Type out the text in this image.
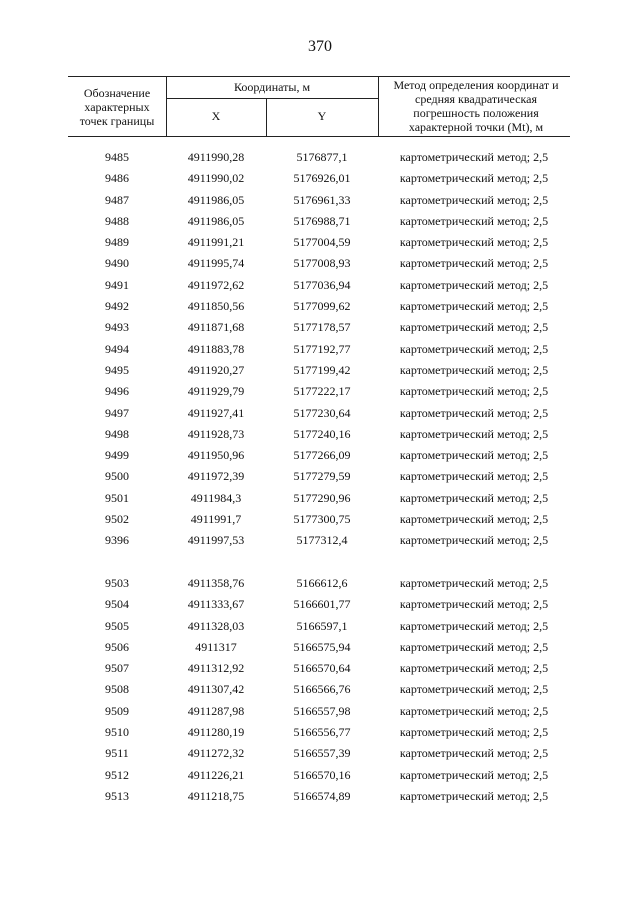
370
Обозначение характерных точек границы
Координаты, м
X	Y
Метод определения координат и средняя квадратическая погрешность положения характерной точки (Mt), м
9485	4911990,28	5176877,1	картометрический метод; 2,5
9486	4911990,02	5176926,01	картометрический метод; 2,5
9487	4911986,05	5176961,33	картометрический метод; 2,5
9488	4911986,05	5176988,71	картометрический метод; 2,5
9489	4911991,21	5177004,59	картометрический метод; 2,5
9490	4911995,74	5177008,93	картометрический метод; 2,5
9491	4911972,62	5177036,94	картометрический метод; 2,5
9492	4911850,56	5177099,62	картометрический метод; 2,5
9493	4911871,68	5177178,57	картометрический метод; 2,5
9494	4911883,78	5177192,77	картометрический метод; 2,5
9495	4911920,27	5177199,42	картометрический метод; 2,5
9496	4911929,79	5177222,17	картометрический метод; 2,5
9497	4911927,41	5177230,64	картометрический метод; 2,5
9498	4911928,73	5177240,16	картометрический метод; 2,5
9499	4911950,96	5177266,09	картометрический метод; 2,5
9500	4911972,39	5177279,59	картометрический метод; 2,5
9501	4911984,3	5177290,96	картометрический метод; 2,5
9502	4911991,7	5177300,75	картометрический метод; 2,5
9396	4911997,53	5177312,4	картометрический метод; 2,5
9503	4911358,76	5166612,6	картометрический метод; 2,5
9504	4911333,67	5166601,77	картометрический метод; 2,5
9505	4911328,03	5166597,1	картометрический метод; 2,5
9506	4911317	5166575,94	картометрический метод; 2,5
9507	4911312,92	5166570,64	картометрический метод; 2,5
9508	4911307,42	5166566,76	картометрический метод; 2,5
9509	4911287,98	5166557,98	картометрический метод; 2,5
9510	4911280,19	5166556,77	картометрический метод; 2,5
9511	4911272,32	5166557,39	картометрический метод; 2,5
9512	4911226,21	5166570,16	картометрический метод; 2,5
9513	4911218,75	5166574,89	картометрический метод; 2,5
